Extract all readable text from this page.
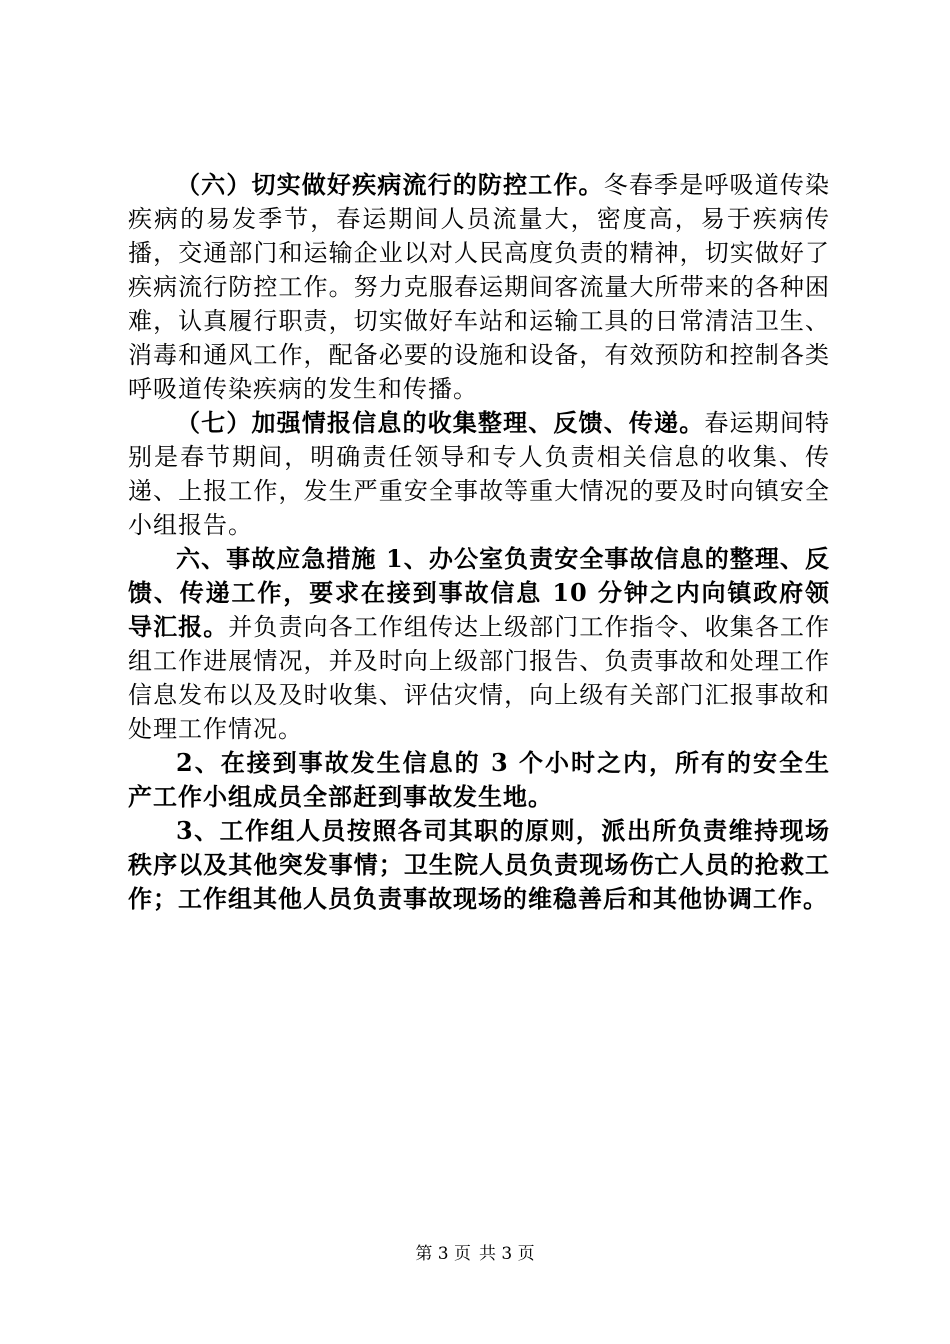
（六）切实做好疾病流行的防控工作。冬春季是呼吸道传染疾病的易发季节，春运期间人员流量大，密度高，易于疾病传播，交通部门和运输企业以对人民高度负责的精神，切实做好了疾病流行防控工作。努力克服春运期间客流量大所带来的各种困难，认真履行职责，切实做好车站和运输工具的日常清洁卫生、消毒和通风工作，配备必要的设施和设备，有效预防和控制各类呼吸道传染疾病的发生和传播。

（七）加强情报信息的收集整理、反馈、传递。春运期间特别是春节期间，明确责任领导和专人负责相关信息的收集、传递、上报工作，发生严重安全事故等重大情况的要及时向镇安全小组报告。

六、事故应急措施 1、办公室负责安全事故信息的整理、反馈、传递工作，要求在接到事故信息 10 分钟之内向镇政府领导汇报。并负责向各工作组传达上级部门工作指令、收集各工作组工作进展情况，并及时向上级部门报告、负责事故和处理工作信息发布以及及时收集、评估灾情，向上级有关部门汇报事故和处理工作情况。

2、在接到事故发生信息的 3 个小时之内，所有的安全生产工作小组成员全部赶到事故发生地。

3、工作组人员按照各司其职的原则，派出所负责维持现场秩序以及其他突发事情；卫生院人员负责现场伤亡人员的抢救工作；工作组其他人员负责事故现场的维稳善后和其他协调工作。

第 3 页 共 3 页
